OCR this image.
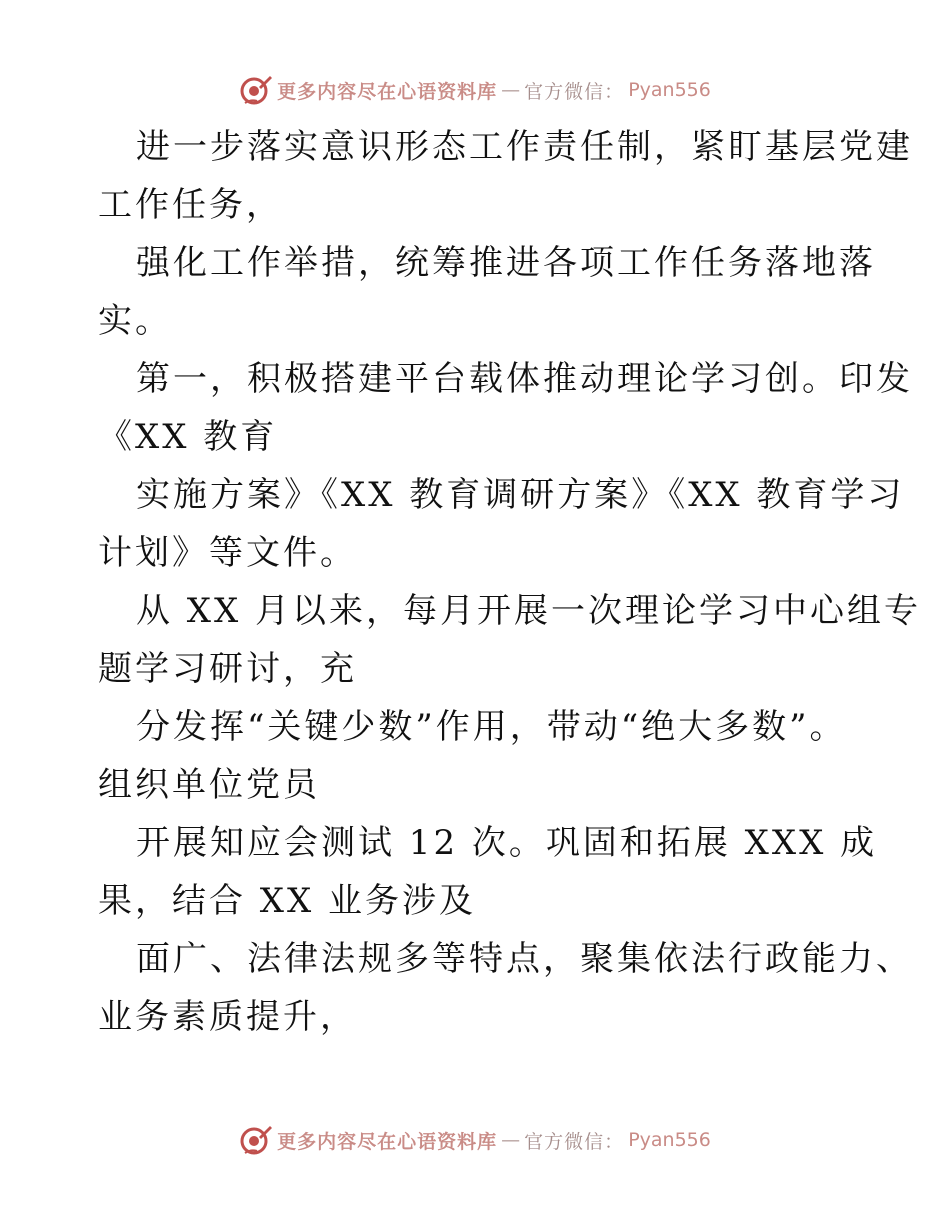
更多内容尽在心语资料库 — 官方微信： Pyan556
进一步落实意识形态工作责任制，紧盯基层党建
工作任务，
强化工作举措，统筹推进各项工作任务落地落
实。
第一，积极搭建平台载体推动理论学习创。印发
《XX 教育
实施方案》《XX 教育调研方案》《XX 教育学习
计划》等文件。
从 XX 月以来，每月开展一次理论学习中心组专
题学习研讨，充
分发挥“关键少数”作用，带动“绝大多数”。
组织单位党员
开展知应会测试 12 次。巩固和拓展 XXX 成
果，结合 XX 业务涉及
面广、法律法规多等特点，聚集依法行政能力、
业务素质提升，
更多内容尽在心语资料库 — 官方微信： Pyan556
